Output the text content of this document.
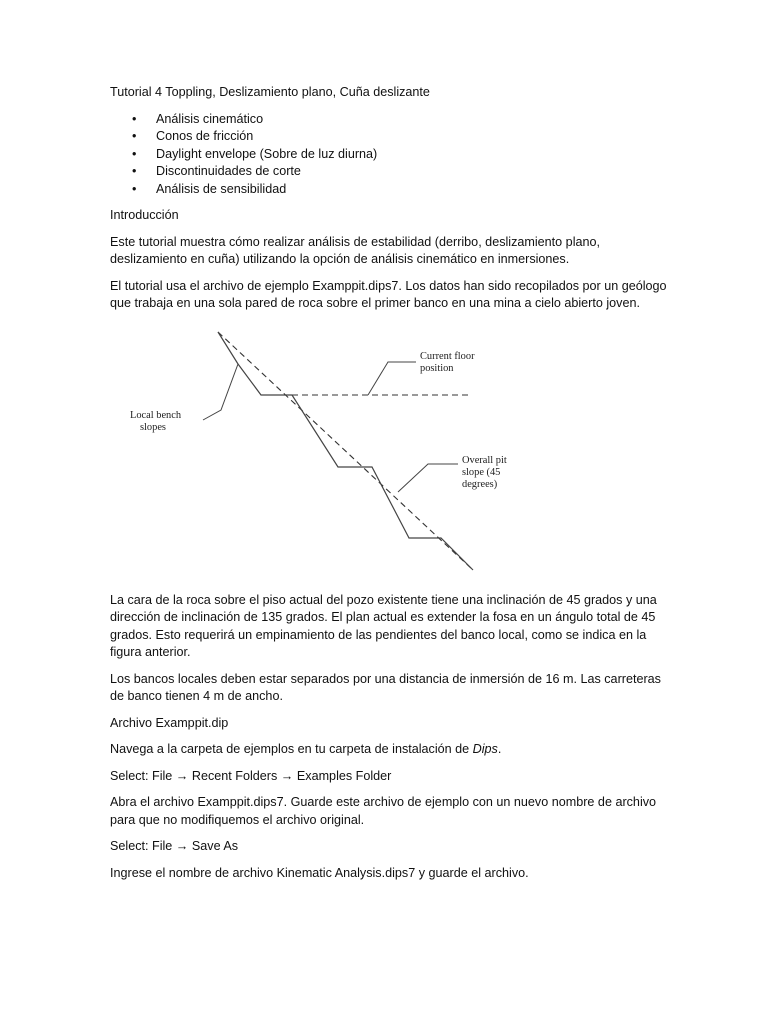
Tutorial 4 Toppling, Deslizamiento plano, Cuña deslizante

• Análisis cinemático
• Conos de fricción
• Daylight envelope (Sobre de luz diurna)
• Discontinuidades de corte
• Análisis de sensibilidad

Introducción

Este tutorial muestra cómo realizar análisis de estabilidad (derribo, deslizamiento plano, deslizamiento en cuña) utilizando la opción de análisis cinemático en inmersiones.

El tutorial usa el archivo de ejemplo Examppit.dips7. Los datos han sido recopilados por un geólogo que trabaja en una sola pared de roca sobre el primer banco en una mina a cielo abierto joven.

Current floor
position
Local bench
slopes
Overall pit
slope (45
degrees)

La cara de la roca sobre el piso actual del pozo existente tiene una inclinación de 45 grados y una dirección de inclinación de 135 grados. El plan actual es extender la fosa en un ángulo total de 45 grados. Esto requerirá un empinamiento de las pendientes del banco local, como se indica en la figura anterior.

Los bancos locales deben estar separados por una distancia de inmersión de 16 m. Las carreteras de banco tienen 4 m de ancho.

Archivo Examppit.dip

Navega a la carpeta de ejemplos en tu carpeta de instalación de Dips.

Select: File → Recent Folders → Examples Folder

Abra el archivo Examppit.dips7. Guarde este archivo de ejemplo con un nuevo nombre de archivo para que no modifiquemos el archivo original.

Select: File → Save As

Ingrese el nombre de archivo Kinematic Analysis.dips7 y guarde el archivo.
